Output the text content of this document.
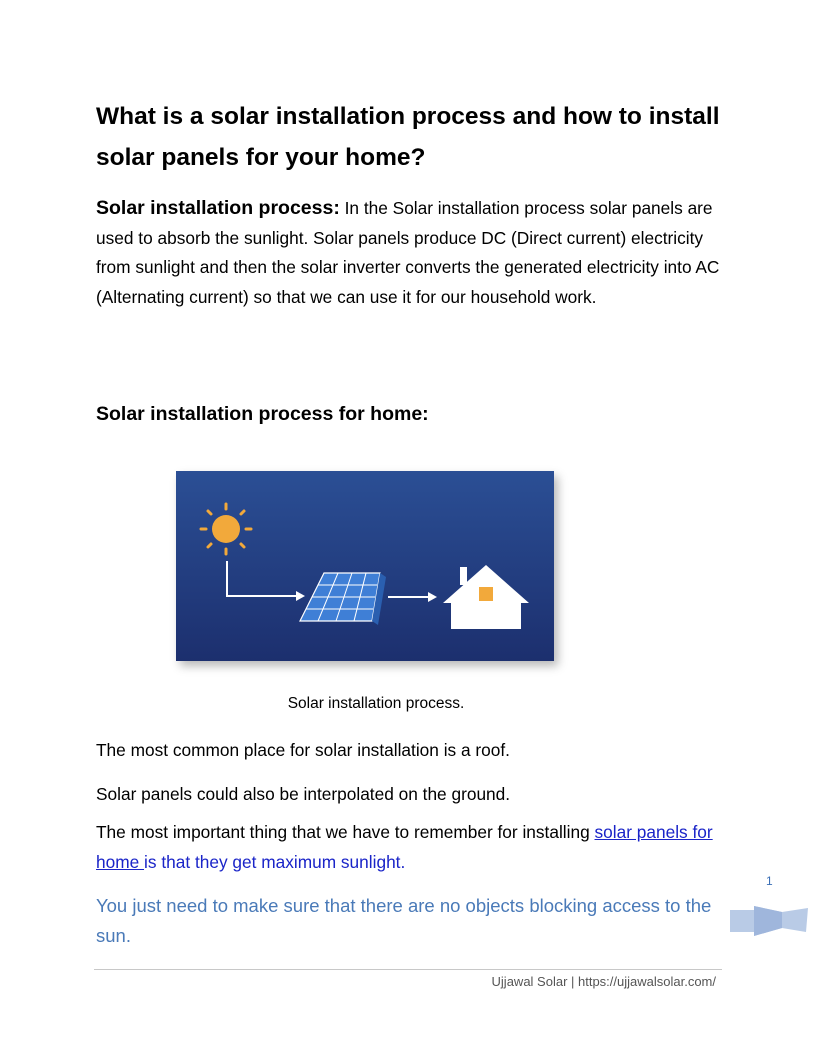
What is a solar installation process and how to install solar panels for your home?

Solar installation process: In the Solar installation process solar panels are used to absorb the sunlight. Solar panels produce DC (Direct current) electricity from sunlight and then the solar inverter converts the generated electricity into AC (Alternating current) so that we can use it for our household work.

Solar installation process for home:

Solar installation process.

The most common place for solar installation is a roof.

Solar panels could also be interpolated on the ground.

The most important thing that we have to remember for installing solar panels for home is that they get maximum sunlight.

You just need to make sure that there are no objects blocking access to the sun.

1
Ujjawal Solar | https://ujjawalsolar.com/
